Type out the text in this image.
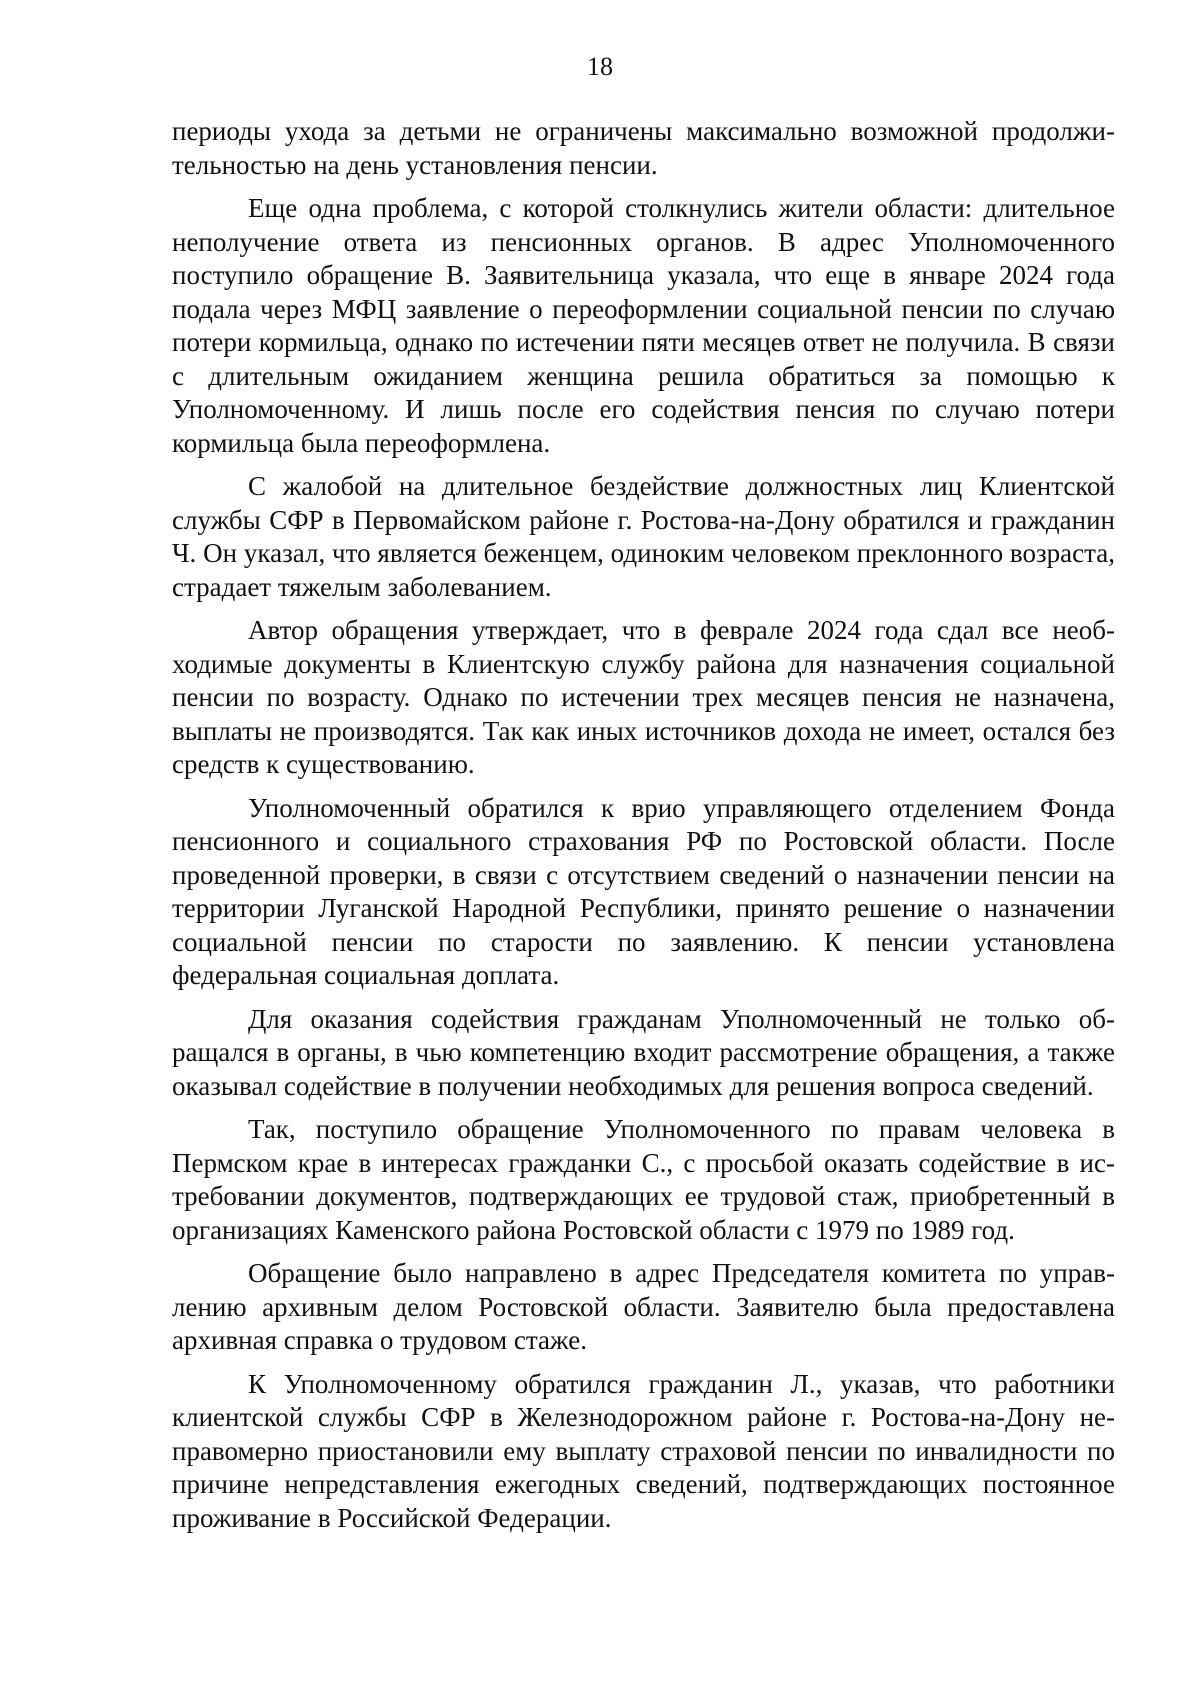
18

периоды ухода за детьми не ограничены максимально возможной продолжительностью на день установления пенсии.

Еще одна проблема, с которой столкнулись жители области: длительное неполучение ответа из пенсионных органов. В адрес Уполномоченного поступило обращение В. Заявительница указала, что еще в январе 2024 года подала через МФЦ заявление о переоформлении социальной пенсии по случаю потери кормильца, однако по истечении пяти месяцев ответ не получила. В связи с длительным ожиданием женщина решила обратиться за помощью к Уполномоченному. И лишь после его содействия пенсия по случаю потери кормильца была переоформлена.

С жалобой на длительное бездействие должностных лиц Клиентской службы СФР в Первомайском районе г. Ростова-на-Дону обратился и гражданин Ч. Он указал, что является беженцем, одиноким человеком преклонного возраста, страдает тяжелым заболеванием.

Автор обращения утверждает, что в феврале 2024 года сдал все необходимые документы в Клиентскую службу района для назначения социальной пенсии по возрасту. Однако по истечении трех месяцев пенсия не назначена, выплаты не производятся. Так как иных источников дохода не имеет, остался без средств к существованию.

Уполномоченный обратился к врио управляющего отделением Фонда пенсионного и социального страхования РФ по Ростовской области. После проведенной проверки, в связи с отсутствием сведений о назначении пенсии на территории Луганской Народной Республики, принято решение о назначении социальной пенсии по старости по заявлению. К пенсии установлена федеральная социальная доплата.

Для оказания содействия гражданам Уполномоченный не только обращался в органы, в чью компетенцию входит рассмотрение обращения, а также оказывал содействие в получении необходимых для решения вопроса сведений.

Так, поступило обращение Уполномоченного по правам человека в Пермском крае в интересах гражданки С., с просьбой оказать содействие в истребовании документов, подтверждающих ее трудовой стаж, приобретенный в организациях Каменского района Ростовской области с 1979 по 1989 год.

Обращение было направлено в адрес Председателя комитета по управлению архивным делом Ростовской области. Заявителю была предоставлена архивная справка о трудовом стаже.

К Уполномоченному обратился гражданин Л., указав, что работники клиентской службы СФР в Железнодорожном районе г. Ростова-на-Дону неправомерно приостановили ему выплату страховой пенсии по инвалидности по причине непредставления ежегодных сведений, подтверждающих постоянное проживание в Российской Федерации.
